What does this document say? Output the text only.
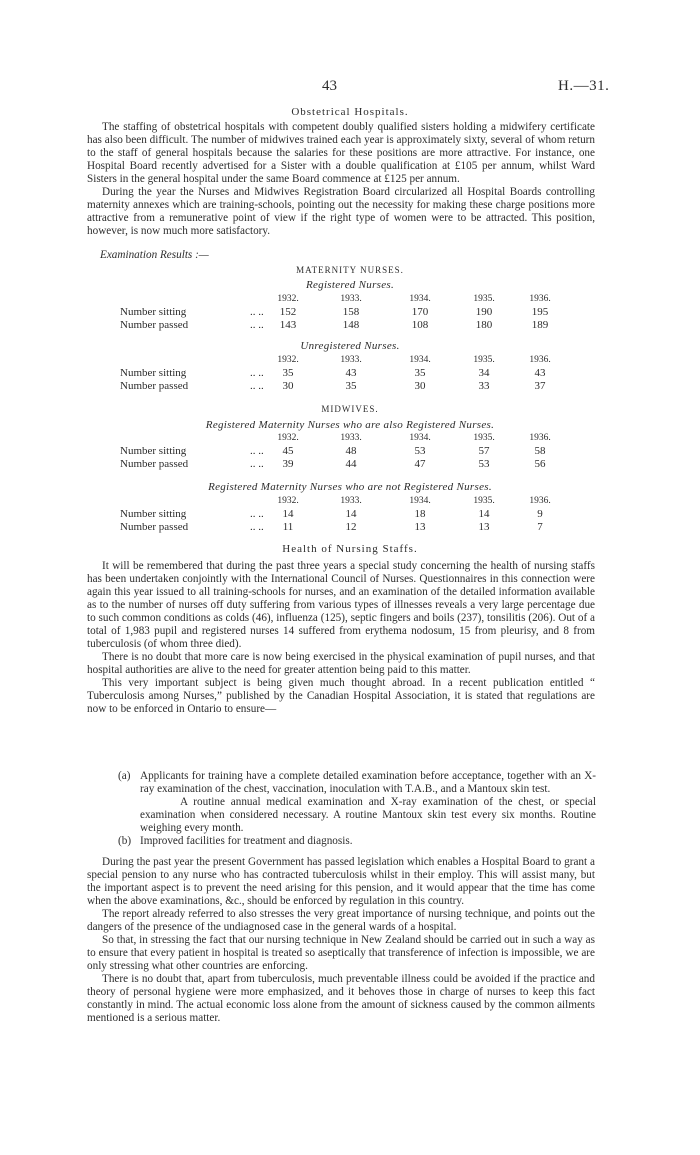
43	H.—31.
Obstetrical Hospitals.

The staffing of obstetrical hospitals with competent doubly qualified sisters holding a midwifery certificate has also been difficult. The number of midwives trained each year is approximately sixty, several of whom return to the staff of general hospitals because the salaries for these positions are more attractive. For instance, one Hospital Board recently advertised for a Sister with a double qualification at £105 per annum, whilst Ward Sisters in the general hospital under the same Board commence at £125 per annum.

During the year the Nurses and Midwives Registration Board circularized all Hospital Boards controlling maternity annexes which are training-schools, pointing out the necessity for making these charge positions more attractive from a remunerative point of view if the right type of women were to be attracted. This position, however, is now much more satisfactory.

Examination Results :—
MATERNITY NURSES.
Registered Nurses.
1932.	1933.	1934.	1935.	1936.
Number sitting	.. ..	152	158	170	190	195
Number passed	.. ..	143	148	108	180	189
Unregistered Nurses.
1932.	1933.	1934.	1935.	1936.
Number sitting	.. ..	35	43	35	34	43
Number passed	.. ..	30	35	30	33	37
MIDWIVES.
Registered Maternity Nurses who are also Registered Nurses.
1932.	1933.	1934.	1935.	1936.
Number sitting	.. ..	45	48	53	57	58
Number passed	.. ..	39	44	47	53	56
Registered Maternity Nurses who are not Registered Nurses.
1932.	1933.	1934.	1935.	1936.
Number sitting	.. ..	14	14	18	14	9
Number passed	.. ..	11	12	13	13	7
Health of Nursing Staffs.

It will be remembered that during the past three years a special study concerning the health of nursing staffs has been undertaken conjointly with the International Council of Nurses. Questionnaires in this connection were again this year issued to all training-schools for nurses, and an examination of the detailed information available as to the number of nurses off duty suffering from various types of illnesses reveals a very large percentage due to such common conditions as colds (46), influenza (125), septic fingers and boils (237), tonsilitis (206). Out of a total of 1,983 pupil and registered nurses 14 suffered from erythema nodosum, 15 from pleurisy, and 8 from tuberculosis (of whom three died).

There is no doubt that more care is now being exercised in the physical examination of pupil nurses, and that hospital authorities are alive to the need for greater attention being paid to this matter.

This very important subject is being given much thought abroad. In a recent publication entitled “ Tuberculosis among Nurses,” published by the Canadian Hospital Association, it is stated that regulations are now to be enforced in Ontario to ensure—

(a) Applicants for training have a complete detailed examination before acceptance, together with an X-ray examination of the chest, vaccination, inoculation with T.A.B., and a Mantoux skin test.
A routine annual medical examination and X-ray examination of the chest, or special examination when considered necessary. A routine Mantoux skin test every six months. Routine weighing every month.
(b) Improved facilities for treatment and diagnosis.

During the past year the present Government has passed legislation which enables a Hospital Board to grant a special pension to any nurse who has contracted tuberculosis whilst in their employ. This will assist many, but the important aspect is to prevent the need arising for this pension, and it would appear that the time has come when the above examinations, &c., should be enforced by regulation in this country.

The report already referred to also stresses the very great importance of nursing technique, and points out the dangers of the presence of the undiagnosed case in the general wards of a hospital.

So that, in stressing the fact that our nursing technique in New Zealand should be carried out in such a way as to ensure that every patient in hospital is treated so aseptically that transference of infection is impossible, we are only stressing what other countries are enforcing.

There is no doubt that, apart from tuberculosis, much preventable illness could be avoided if the practice and theory of personal hygiene were more emphasized, and it behoves those in charge of nurses to keep this fact constantly in mind. The actual economic loss alone from the amount of sickness caused by the common ailments mentioned is a serious matter.
